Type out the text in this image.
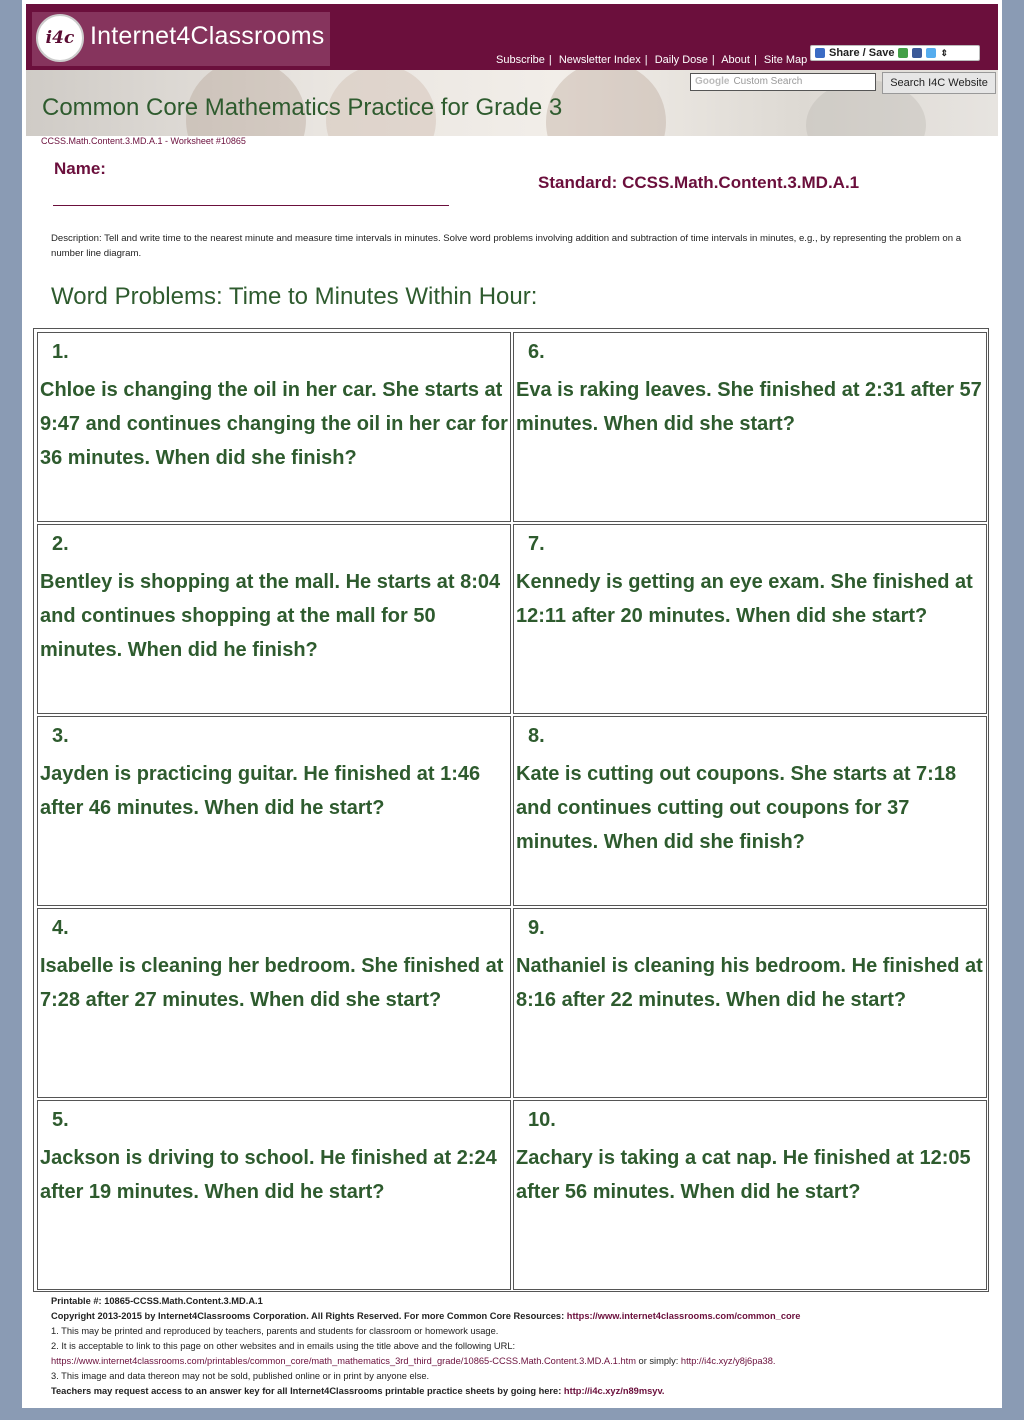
i4c Internet4Classrooms
Subscribe | Newsletter Index | Daily Dose | About | Site Map
Share / Save	⇕
Common Core Mathematics Practice for Grade 3
Google Custom Search	Search I4C Website
CCSS.Math.Content.3.MD.A.1 - Worksheet #10865
Name:
Standard: CCSS.Math.Content.3.MD.A.1
Description: Tell and write time to the nearest minute and measure time intervals in minutes. Solve word problems involving addition and subtraction of time intervals in minutes, e.g., by representing the problem on a number line diagram.
Word Problems: Time to Minutes Within Hour:
1.
Chloe is changing the oil in her car. She starts at 9:47 and continues changing the oil in her car for 36 minutes. When did she finish?
2.
Bentley is shopping at the mall. He starts at 8:04 and continues shopping at the mall for 50 minutes. When did he finish?
3.
Jayden is practicing guitar. He finished at 1:46 after 46 minutes. When did he start?
4.
Isabelle is cleaning her bedroom. She finished at 7:28 after 27 minutes. When did she start?
5.
Jackson is driving to school. He finished at 2:24 after 19 minutes. When did he start?
6.
Eva is raking leaves. She finished at 2:31 after 57 minutes. When did she start?
7.
Kennedy is getting an eye exam. She finished at 12:11 after 20 minutes. When did she start?
8.
Kate is cutting out coupons. She starts at 7:18 and continues cutting out coupons for 37 minutes. When did she finish?
9.
Nathaniel is cleaning his bedroom. He finished at 8:16 after 22 minutes. When did he start?
10.
Zachary is taking a cat nap. He finished at 12:05 after 56 minutes. When did he start?
Printable #: 10865-CCSS.Math.Content.3.MD.A.1
Copyright 2013-2015 by Internet4Classrooms Corporation. All Rights Reserved. For more Common Core Resources: https://www.internet4classrooms.com/common_core
1. This may be printed and reproduced by teachers, parents and students for classroom or homework usage.
2. It is acceptable to link to this page on other websites and in emails using the title above and the following URL:
https://www.internet4classrooms.com/printables/common_core/math_mathematics_3rd_third_grade/10865-CCSS.Math.Content.3.MD.A.1.htm or simply: http://i4c.xyz/y8j6pa38.
3. This image and data thereon may not be sold, published online or in print by anyone else.
Teachers may request access to an answer key for all Internet4Classrooms printable practice sheets by going here: http://i4c.xyz/n89msyv.
